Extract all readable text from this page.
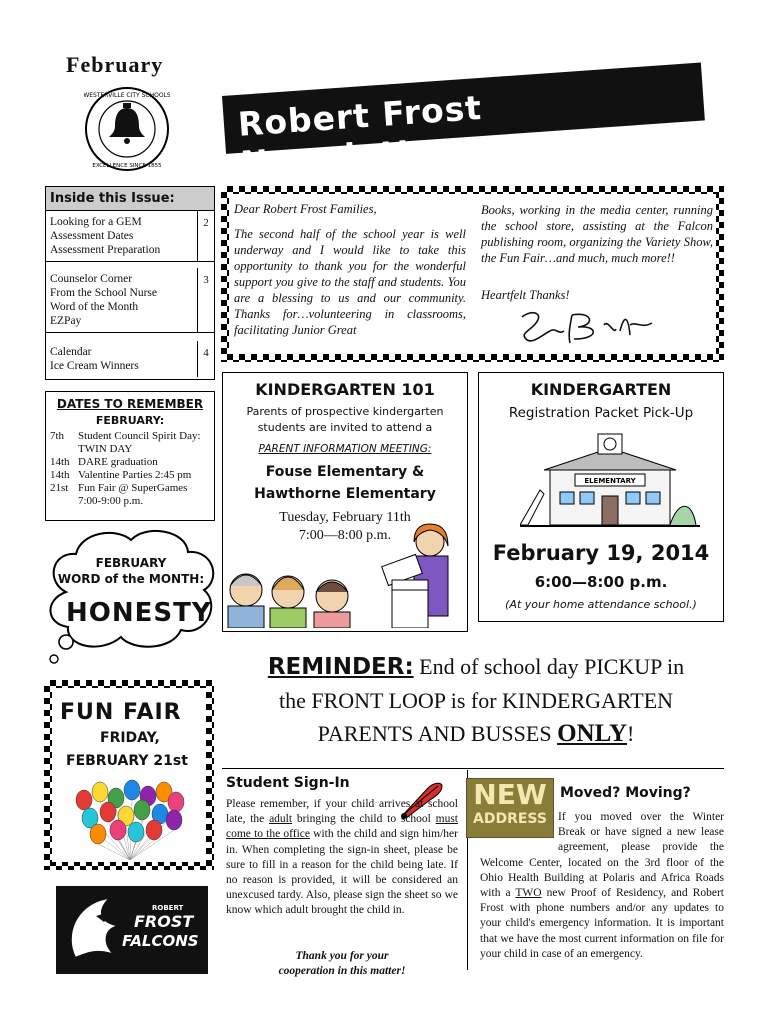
February
WESTERVILLE CITY SCHOOLS
EXCELLENCE SINCE 1855
Robert Frost Newsletter
Inside this Issue:
Looking for a GEM
Assessment Dates
Assessment Preparation
2
Counselor Corner
From the School Nurse
Word of the Month
EZPay
3
Calendar
Ice Cream Winners
4
DATES TO REMEMBER
FEBRUARY:
7th	Student Council Spirit Day:
TWIN DAY
14th DARE graduation
14th Valentine Parties 2:45 pm
21st Fun Fair @ SuperGames
7:00-9:00 p.m.
FEBRUARY
WORD of the MONTH:
HONESTY
Dear Robert Frost Families,
The second half of the school year is well underway and I would like to take this opportunity to thank you for the wonderful support you give to the staff and students. You are a blessing to us and our community. Thanks for…volunteering in classrooms, facilitating Junior Great
Books, working in the media center, running the school store, assisting at the Falcon publishing room, organizing the Variety Show, the Fun Fair…and much, much more!!
Heartfelt Thanks!
KINDERGARTEN 101
Parents of prospective kindergarten
students are invited to attend a
PARENT INFORMATION MEETING:
Fouse Elementary &
Hawthorne Elementary
Tuesday, February 11th
7:00—8:00 p.m.
KINDERGARTEN
Registration Packet Pick-Up
ELEMENTARY
February 19, 2014
6:00—8:00 p.m.
(At your home attendance school.)
REMINDER: End of school day PICKUP in
the FRONT LOOP is for KINDERGARTEN
PARENTS AND BUSSES ONLY!
FUN FAIR
FRIDAY,
FEBRUARY 21st
ROBERT
FROST
FALCONS
Student Sign-In
Please remember, if your child arrives at school late, the adult bringing the child to school must come to the office with the child and sign him/her in. When completing the sign-in sheet, please be sure to fill in a reason for the child being late. If no reason is provided, it will be considered an unexcused tardy. Also, please sign the sheet so we know which adult brought the child in.
Thank you for your
cooperation in this matter!
NEW
ADDRESS
Moved? Moving?
If you moved over the Winter Break or have signed a new lease agreement, please provide the Welcome Center, located on the 3rd floor of the Ohio Health Building at Polaris and Africa Roads with a TWO new Proof of Residency, and Robert Frost with phone numbers and/or any updates to your child's emergency information. It is important that we have the most current information on file for your child in case of an emergency.
